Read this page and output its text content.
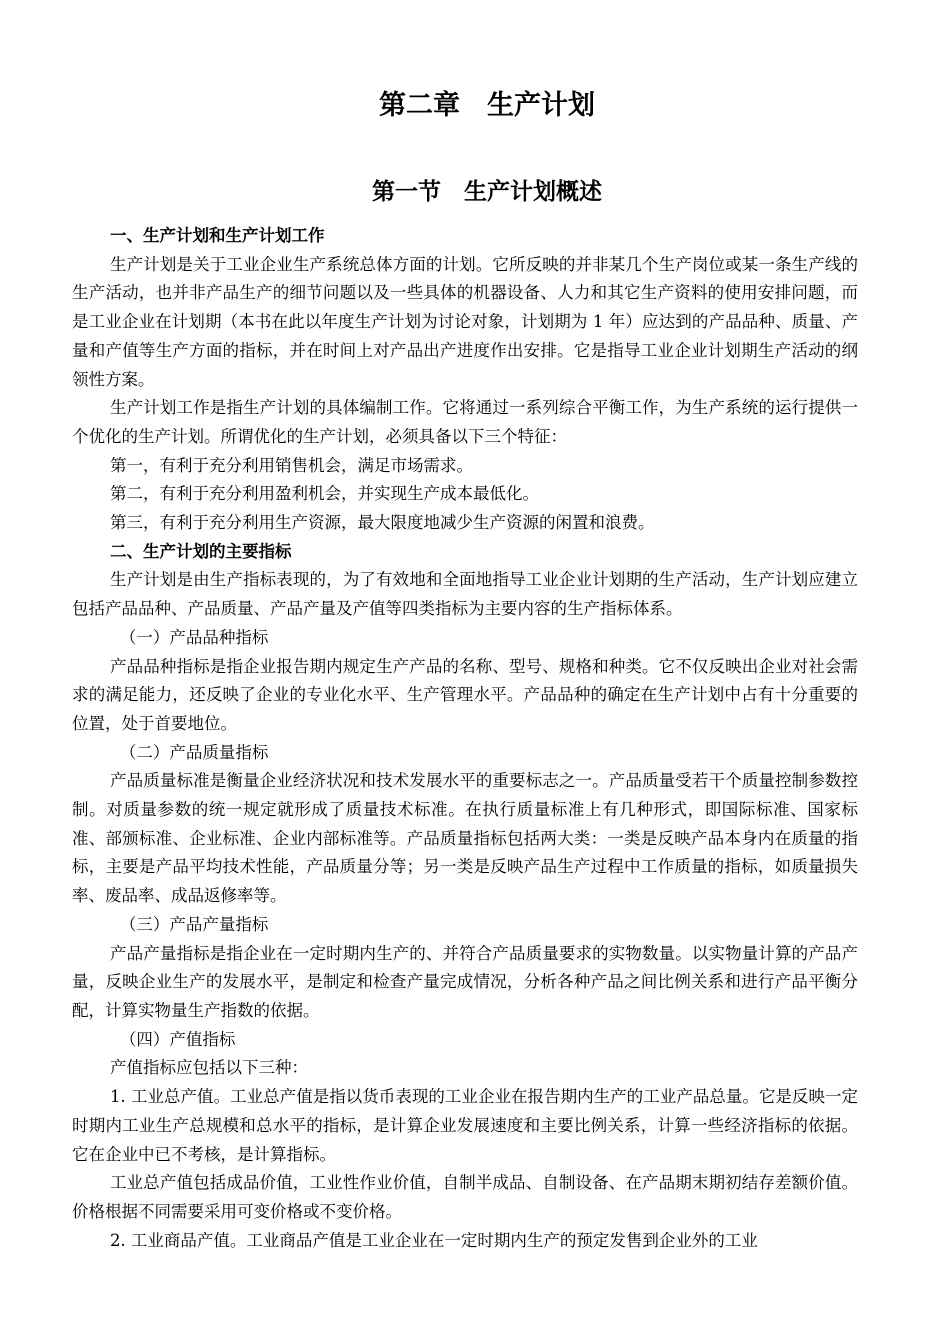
第二章　生产计划
第一节　生产计划概述

一、生产计划和生产计划工作

生产计划是关于工业企业生产系统总体方面的计划。它所反映的并非某几个生产岗位或某一条生产线的生产活动，也并非产品生产的细节问题以及一些具体的机器设备、人力和其它生产资料的使用安排问题，而是工业企业在计划期（本书在此以年度生产计划为讨论对象，计划期为 1 年）应达到的产品品种、质量、产量和产值等生产方面的指标，并在时间上对产品出产进度作出安排。它是指导工业企业计划期生产活动的纲领性方案。

生产计划工作是指生产计划的具体编制工作。它将通过一系列综合平衡工作，为生产系统的运行提供一个优化的生产计划。所谓优化的生产计划，必须具备以下三个特征：

第一，有利于充分利用销售机会，满足市场需求。

第二，有利于充分利用盈利机会，并实现生产成本最低化。

第三，有利于充分利用生产资源，最大限度地减少生产资源的闲置和浪费。

二、生产计划的主要指标

生产计划是由生产指标表现的，为了有效地和全面地指导工业企业计划期的生产活动，生产计划应建立包括产品品种、产品质量、产品产量及产值等四类指标为主要内容的生产指标体系。

（一）产品品种指标

产品品种指标是指企业报告期内规定生产产品的名称、型号、规格和种类。它不仅反映出企业对社会需求的满足能力，还反映了企业的专业化水平、生产管理水平。产品品种的确定在生产计划中占有十分重要的位置，处于首要地位。

（二）产品质量指标

产品质量标准是衡量企业经济状况和技术发展水平的重要标志之一。产品质量受若干个质量控制参数控制。对质量参数的统一规定就形成了质量技术标准。在执行质量标准上有几种形式，即国际标准、国家标准、部颁标准、企业标准、企业内部标准等。产品质量指标包括两大类：一类是反映产品本身内在质量的指标，主要是产品平均技术性能，产品质量分等；另一类是反映产品生产过程中工作质量的指标，如质量损失率、废品率、成品返修率等。

（三）产品产量指标

产品产量指标是指企业在一定时期内生产的、并符合产品质量要求的实物数量。以实物量计算的产品产量，反映企业生产的发展水平，是制定和检查产量完成情况，分析各种产品之间比例关系和进行产品平衡分配，计算实物量生产指数的依据。

（四）产值指标

产值指标应包括以下三种：

1. 工业总产值。工业总产值是指以货币表现的工业企业在报告期内生产的工业产品总量。它是反映一定时期内工业生产总规模和总水平的指标，是计算企业发展速度和主要比例关系，计算一些经济指标的依据。它在企业中已不考核，是计算指标。

工业总产值包括成品价值，工业性作业价值，自制半成品、自制设备、在产品期末期初结存差额价值。价格根据不同需要采用可变价格或不变价格。

2. 工业商品产值。工业商品产值是工业企业在一定时期内生产的预定发售到企业外的工业
